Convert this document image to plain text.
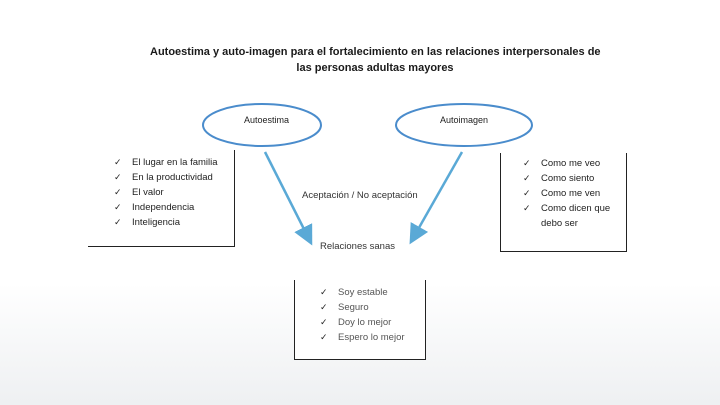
Autoestima y auto-imagen para el fortalecimiento en las relaciones interpersonales de
las personas adultas mayores
Autoestima	Autoimagen
✓ El lugar en la familia
✓ En la productividad
✓ El valor
✓ Independencia
✓ Inteligencia
✓ Como me veo
✓ Como siento
✓ Como me ven
✓ Como dicen que
debo ser
Aceptación / No aceptación
Relaciones sanas
✓ Soy estable
✓ Seguro
✓ Doy lo mejor
✓ Espero lo mejor
